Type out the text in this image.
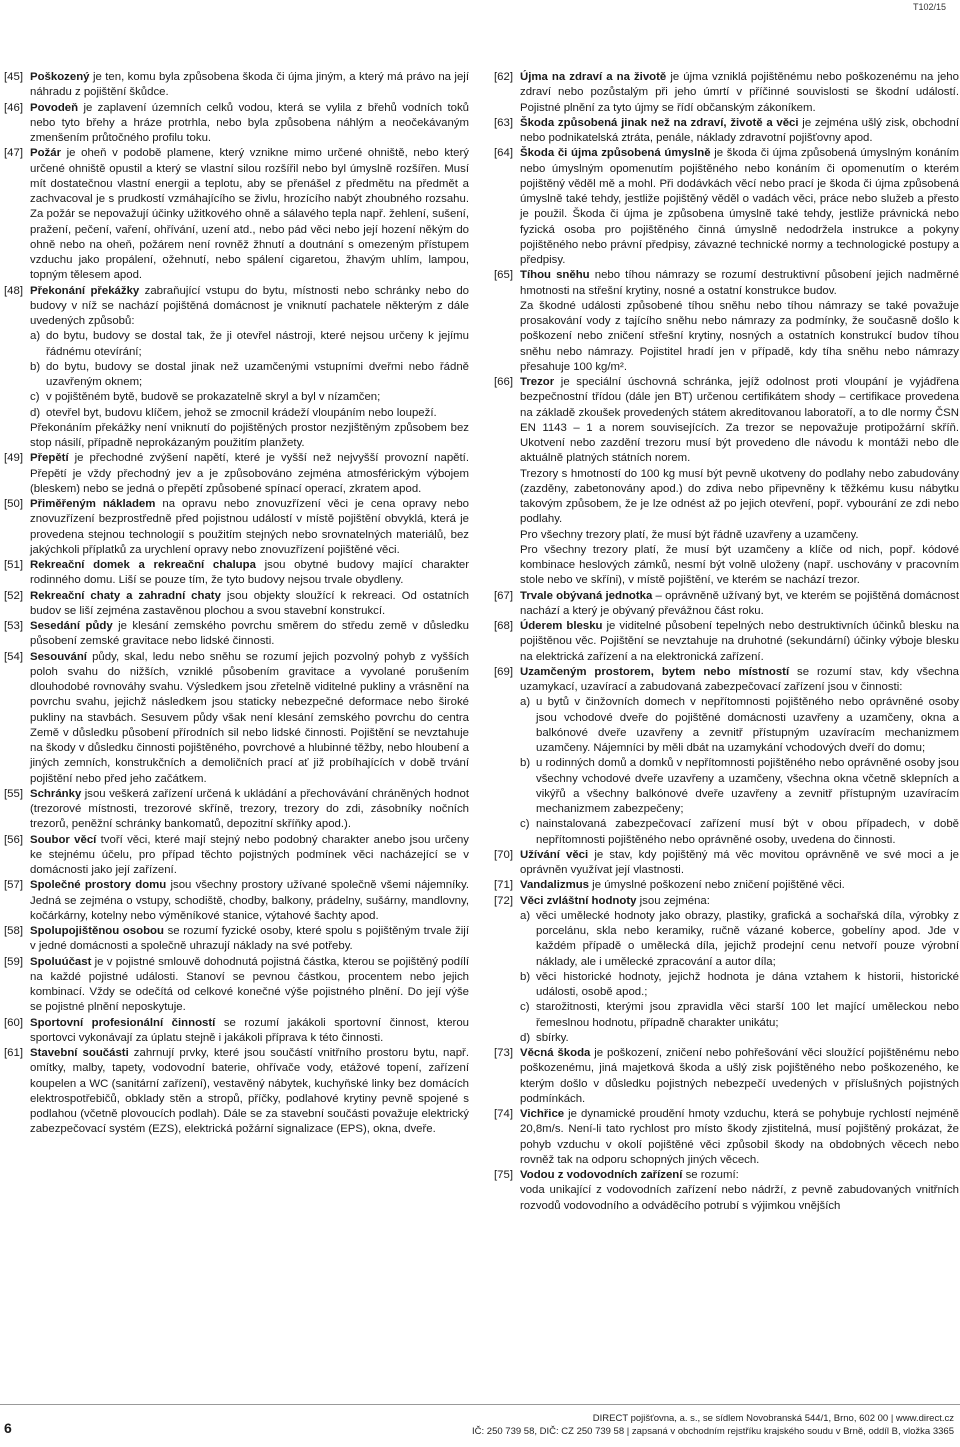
T102/15
[45] Poškozený je ten, komu byla způsobena škoda či újma jiným, a který má právo na její náhradu z pojištění škůdce.
[46] Povodeň je zaplavení územních celků vodou, která se vylila z břehů vodních toků nebo tyto břehy a hráze protrhla, nebo byla způsobena náhlým a neočekávaným zmenšením průtočného profilu toku.
[47] Požár je oheň v podobě plamene, který vznikne mimo určené ohniště, nebo který určené ohniště opustil a který se vlastní silou rozšířil nebo byl úmyslně rozšířen. Musí mít dostatečnou vlastní energii a teplotu, aby se přenášel z předmětu na předmět a zachvacoval je s prudkostí vzmáhajícího se živlu, hrozícího nabýt zhoubného rozsahu. Za požár se nepovažují účinky užitkového ohně a sálavého tepla např. žehlení, sušení, pražení, pečení, vaření, ohřívání, uzení atd., nebo pád věci nebo její hození někým do ohně nebo na oheň, požárem není rovněž žhnutí a doutnání s omezeným přístupem vzduchu jako propálení, ožehnutí, nebo spálení cigaretou, žhavým uhlím, lampou, topným tělesem apod.
[48] Překonání překážky zabraňující vstupu do bytu, místnosti nebo schránky nebo do budovy v níž se nachází pojištěná domácnost je vniknutí pachatele některým z dále uvedených způsobů:
a) do bytu, budovy se dostal tak, že ji otevřel nástroji, které nejsou určeny k jejímu řádnému otevírání;
b) do bytu, budovy se dostal jinak než uzamčenými vstupními dveřmi nebo řádně uzavřeným oknem;
c) v pojištěném bytě, budově se prokazatelně skryl a byl v nízamčen;
d) otevřel byt, budovu klíčem, jehož se zmocnil krádeží vloupáním nebo loupeží.
Překonáním překážky není vniknutí do pojištěných prostor nezjištěným způsobem bez stop násilí, případně neprokázaným použitím planžety.
[49] Přepětí je přechodné zvýšení napětí, které je vyšší než nejvyšší provozní napětí. Přepětí je vždy přechodný jev a je způsobováno zejména atmosférickým výbojem (bleskem) nebo se jedná o přepětí způsobené spínací operací, zkratem apod.
[50] Přiměřeným nákladem na opravu nebo znovuzřízení věci je cena opravy nebo znovuzřízení bezprostředně před pojistnou událostí v místě pojištění obvyklá, která je provedena stejnou technologií s použitím stejných nebo srovnatelných materiálů, bez jakýchkoli příplatků za urychlení opravy nebo znovuzřízení pojištěné věci.
[51] Rekreační domek a rekreační chalupa jsou obytné budovy mající charakter rodinného domu. Liší se pouze tím, že tyto budovy nejsou trvale obydleny.
[52] Rekreační chaty a zahradní chaty jsou objekty sloužící k rekreaci. Od ostatních budov se liší zejména zastavěnou plochou a svou stavební konstrukcí.
[53] Sesedání půdy je klesání zemského povrchu směrem do středu země v důsledku působení zemské gravitace nebo lidské činnosti.
[54] Sesouvání půdy, skal, ledu nebo sněhu se rozumí jejich pozvolný pohyb z vyšších poloh svahu do nižších, vzniklé působením gravitace a vyvolané porušením dlouhodobé rovnováhy svahu. Výsledkem jsou zřetelně viditelné pukliny a vrásnění na povrchu svahu, jejichž následkem jsou staticky nebezpečné deformace nebo široké pukliny na stavbách. Sesuvem půdy však není klesání zemského povrchu do centra Země v důsledku působení přírodních sil nebo lidské činnosti. Pojištění se nevztahuje na škody v důsledku činnosti pojištěného, povrchové a hlubinné těžby, nebo hloubení a jiných zemních, konstrukčních a demoličních prací ať již probíhajících v době trvání pojištění nebo před jeho začátkem.
[55] Schránky jsou veškerá zařízení určená k ukládání a přechovávání chráněných hodnot (trezorové místnosti, trezorové skříně, trezory, trezory do zdi, zásobníky nočních trezorů, peněžní schránky bankomatů, depozitní skříňky apod.).
[56] Soubor věcí tvoří věci, které mají stejný nebo podobný charakter anebo jsou určeny ke stejnému účelu, pro případ těchto pojistných podmínek věci nacházející se v domácnosti jako její zařízení.
[57] Společné prostory domu jsou všechny prostory užívané společně všemi nájemníky. Jedná se zejména o vstupy, schodiště, chodby, balkony, prádelny, sušárny, mandlovny, kočárkárny, kotelny nebo výměníkové stanice, výtahové šachty apod.
[58] Spolupojištěnou osobou se rozumí fyzické osoby, které spolu s pojištěným trvale žijí v jedné domácnosti a společně uhrazují náklady na své potřeby.
[59] Spoluúčast je v pojistné smlouvě dohodnutá pojistná částka, kterou se pojištěný podílí na každé pojistné události. Stanoví se pevnou částkou, procentem nebo jejich kombinací. Vždy se odečítá od celkové konečné výše pojistného plnění. Do její výše se pojistné plnění neposkytuje.
[60] Sportovní profesionální činností se rozumí jakákoli sportovní činnost, kterou sportovci vykonávají za úplatu stejně i jakákoli příprava k této činnosti.
[61] Stavební součásti zahrnují prvky, které jsou součástí vnitřního prostoru bytu, např. omítky, malby, tapety, vodovodní baterie, ohřívače vody, etážové topení, zařízení koupelen a WC (sanitární zařízení), vestavěný nábytek, kuchyňské linky bez domácích elektrospotřebičů, obklady stěn a stropů, příčky, podlahové krytiny pevně spojené s podlahou (včetně plovoucích podlah). Dále se za stavební součásti považuje elektrický zabezpečovací systém (EZS), elektrická požární signalizace (EPS), okna, dveře.
[62] Újma na zdraví a na životě je újma vzniklá pojištěnému nebo poškozenému na jeho zdraví nebo pozůstalým při jeho úmrtí v příčinné souvislosti se škodní událostí. Pojistné plnění za tyto újmy se řídí občanským zákoníkem.
[63] Škoda způsobená jinak než na zdraví, životě a věci je zejména ušlý zisk, obchodní nebo podnikatelská ztráta, penále, náklady zdravotní pojišťovny apod.
[64] Škoda či újma způsobená úmyslně je škoda či újma způsobená úmyslným konáním nebo úmyslným opomenutím pojištěného nebo konáním či opomenutím o kterém pojištěný věděl mě a mohl. Při dodávkách věcí nebo prací je škoda či újma způsobená úmyslně také tehdy, jestliže pojištěný věděl o vadách věci, práce nebo služeb a přesto je použil. Škoda či újma je způsobena úmyslně také tehdy, jestliže právnická nebo fyzická osoba pro pojištěného činná úmyslně nedodržela instrukce a pokyny pojištěného nebo právní předpisy, závazné technické normy a technologické postupy a předpisy.
[65] Tíhou sněhu nebo tíhou námrazy se rozumí destruktivní působení jejich nadměrné hmotnosti na střešní krytiny, nosné a ostatní konstrukce budov.
Za škodné události způsobené tíhou sněhu nebo tíhou námrazy se také považuje prosakování vody z tajícího sněhu nebo námrazy za podmínky, že současně došlo k poškození nebo zničení střešní krytiny, nosných a ostatních konstrukcí budov tíhou sněhu nebo námrazy. Pojistitel hradí jen v případě, kdy tíha sněhu nebo námrazy přesahuje 100 kg/m².
[66] Trezor je speciální úschovná schránka, jejíž odolnost proti vloupání je vyjádřena bezpečnostní třídou (dále jen BT) určenou certifikátem shody – certifikace provedena na základě zkoušek provedených státem akreditovanou laboratoří, a to dle normy ČSN EN 1143 – 1 a norem souvisejících. Za trezor se nepovažuje protipožární skříň. Ukotvení nebo zazdění trezoru musí být provedeno dle návodu k montáži nebo dle aktuálně platných státních norem.
Trezory s hmotností do 100 kg musí být pevně ukotveny do podlahy nebo zabudovány (zazděny, zabetonovány apod.) do zdiva nebo připevněny k těžkému kusu nábytku takovým způsobem, že je lze odnést až po jejich otevření, popř. vybourání ze zdi nebo podlahy.
Pro všechny trezory platí, že musí být řádně uzavřeny a uzamčeny.
Pro všechny trezory platí, že musí být uzamčeny a klíče od nich, popř. kódové kombinace heslových zámků, nesmí být volně uloženy (např. uschovány v pracovním stole nebo ve skříni), v místě pojištění, ve kterém se nachází trezor.
[67] Trvale obývaná jednotka – oprávněně užívaný byt, ve kterém se pojištěná domácnost nachází a který je obývaný převážnou část roku.
[68] Úderem blesku je viditelné působení tepelných nebo destruktivních účinků blesku na pojištěnou věc. Pojištění se nevztahuje na druhotné (sekundární) účinky výboje blesku na elektrická zařízení a na elektronická zařízení.
[69] Uzamčeným prostorem, bytem nebo místností se rozumí stav, kdy všechna uzamykací, uzavírací a zabudovaná zabezpečovací zařízení jsou v činnosti:
a) u bytů v činžovních domech v nepřítomnosti pojištěného nebo oprávněné osoby jsou vchodové dveře do pojištěné domácnosti uzavřeny a uzamčeny, okna a balkónové dveře uzavřeny a zevnitř přístupným uzavíracím mechanizmem uzamčeny. Nájemníci by měli dbát na uzamykání vchodových dveří do domu;
b) u rodinných domů a domků v nepřítomnosti pojištěného nebo oprávněné osoby jsou všechny vchodové dveře uzavřeny a uzamčeny, všechna okna včetně sklepních a vikýřů a všechny balkónové dveře uzavřeny a zevnitř přístupným uzavíracím mechanizmem zabezpečeny;
c) nainstalovaná zabezpečovací zařízení musí být v obou případech, v době nepřítomnosti pojištěného nebo oprávněné osoby, uvedena do činnosti.
[70] Užívání věci je stav, kdy pojištěný má věc movitou oprávněně ve své moci a je oprávněn využívat její vlastnosti.
[71] Vandalizmus je úmyslné poškození nebo zničení pojištěné věci.
[72] Věci zvláštní hodnoty jsou zejména:
a) věci umělecké hodnoty jako obrazy, plastiky, grafická a sochařská díla, výrobky z porcelánu, skla nebo keramiky, ručně vázané koberce, gobelíny apod. Jde v každém případě o umělecká díla, jejichž prodejní cenu netvoří pouze výrobní náklady, ale i umělecké zpracování a autor díla;
b) věci historické hodnoty, jejichž hodnota je dána vztahem k historii, historické události, osobě apod.;
c) starožitnosti, kterými jsou zpravidla věci starší 100 let mající uměleckou nebo řemeslnou hodnotu, případně charakter unikátu;
d) sbírky.
[73] Věcná škoda je poškození, zničení nebo pohřešování věci sloužící pojištěnému nebo poškozenému, jiná majetková škoda a ušlý zisk pojištěného nebo poškozeného, ke kterým došlo v důsledku pojistných nebezpečí uvedených v příslušných pojistných podmínkách.
[74] Vichřice je dynamické proudění hmoty vzduchu, která se pohybuje rychlostí nejméně 20,8m/s. Není-li tato rychlost pro místo škody zjistitelná, musí pojištěný prokázat, že pohyb vzduchu v okolí pojištěné věci způsobil škody na obdobných věcech nebo rovněž tak na odporu schopných jiných věcech.
[75] Vodou z vodovodních zařízení se rozumí:
voda unikající z vodovodních zařízení nebo nádrží, z pevně zabudovaných vnitřních rozvodů vodovodního a odváděcího potrubí s výjimkou vnějších
6
DIRECT pojišťovna, a. s., se sídlem Novobranská 544/1, Brno, 602 00 | www.direct.cz
IČ: 250 739 58, DIČ: CZ 250 739 58 | zapsaná v obchodním rejstříku krajského soudu v Brně, oddíl B, vložka 3365
